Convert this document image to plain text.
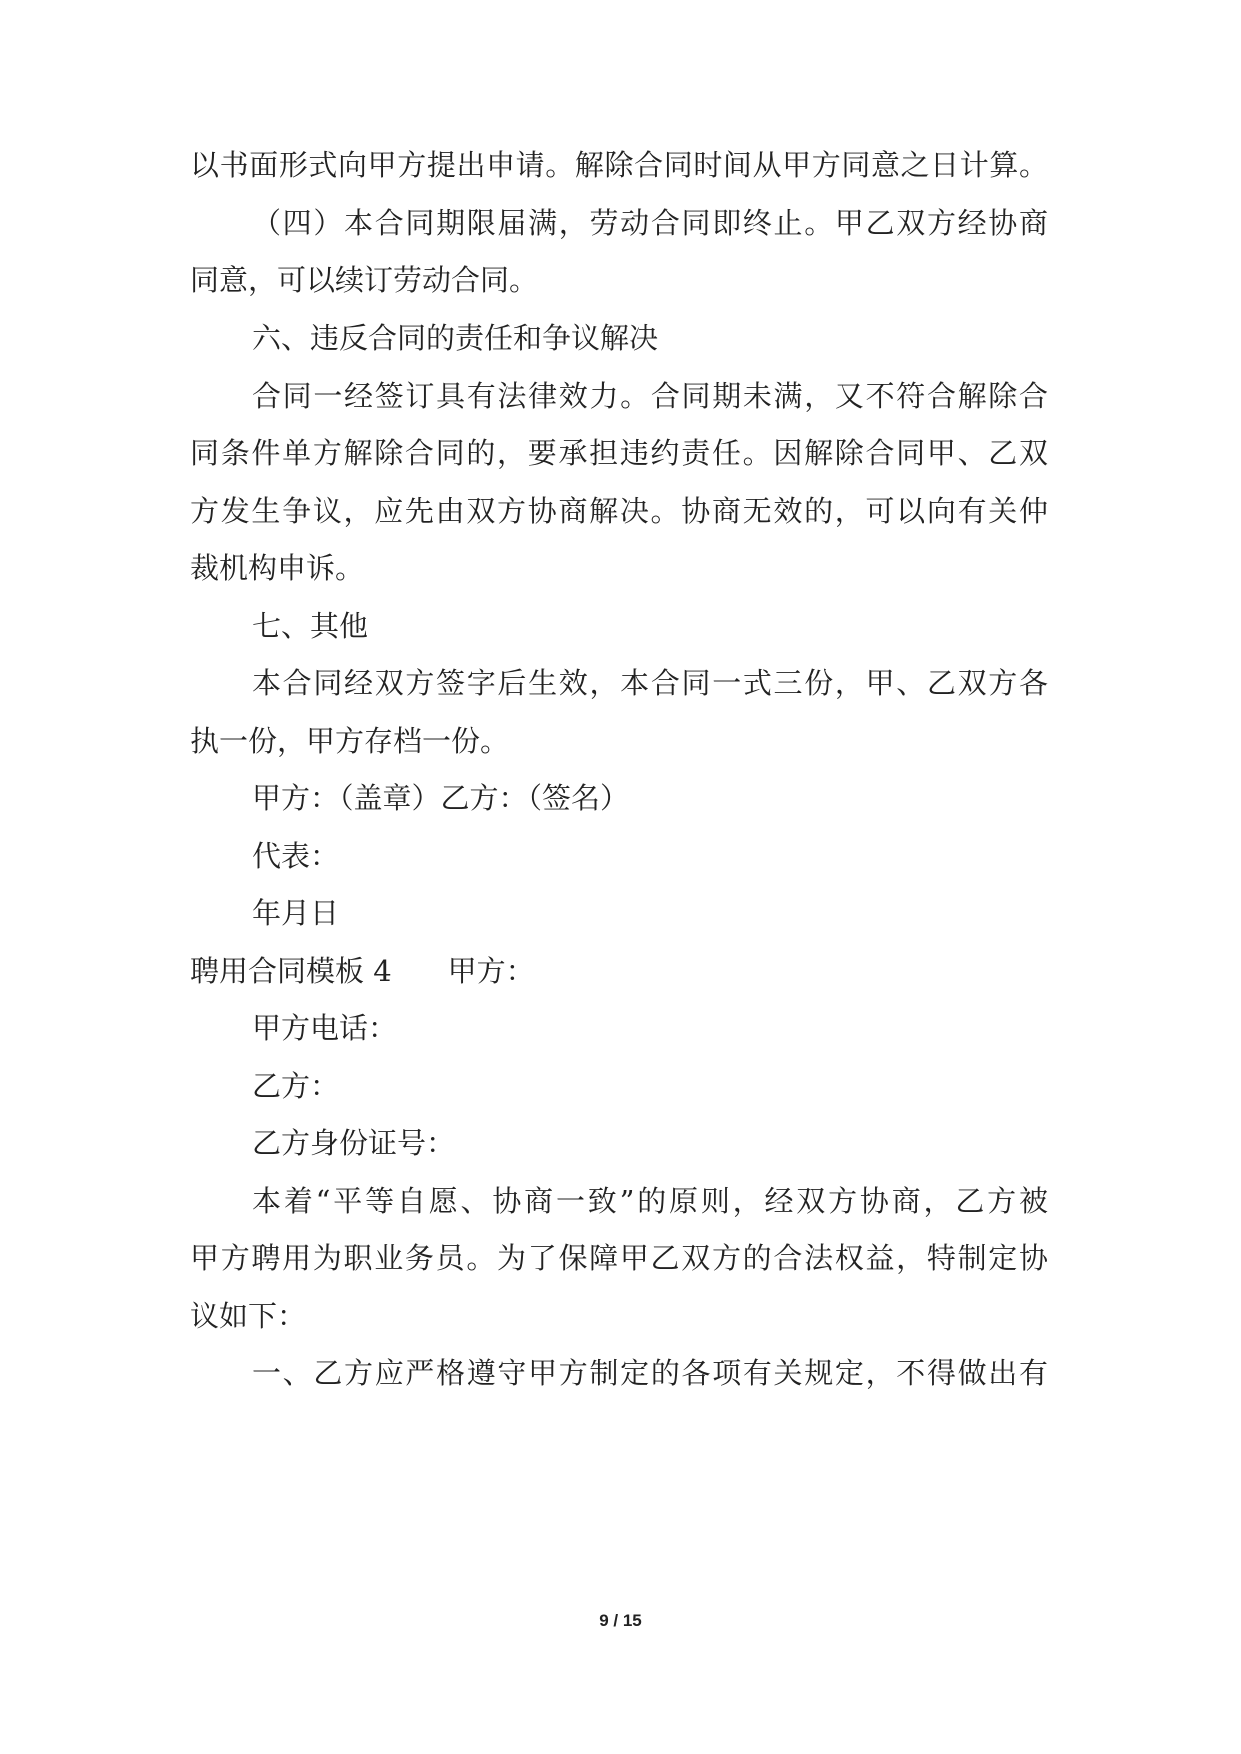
以书面形式向甲方提出申请。解除合同时间从甲方同意之日计算。

（四）本合同期限届满，劳动合同即终止。甲乙双方经协商

同意，可以续订劳动合同。

六、违反合同的责任和争议解决

合同一经签订具有法律效力。合同期未满，又不符合解除合

同条件单方解除合同的，要承担违约责任。因解除合同甲、乙双

方发生争议，应先由双方协商解决。协商无效的，可以向有关仲

裁机构申诉。

七、其他

本合同经双方签字后生效，本合同一式三份，甲、乙双方各

执一份，甲方存档一份。

甲方：（盖章）乙方：（签名）

代表：

年月日

聘用合同模板 4 甲方：

甲方电话：

乙方：

乙方身份证号：

本着“平等自愿、协商一致”的原则，经双方协商，乙方被

甲方聘用为职业务员。为了保障甲乙双方的合法权益，特制定协

议如下：

一、乙方应严格遵守甲方制定的各项有关规定，不得做出有

9 / 15
